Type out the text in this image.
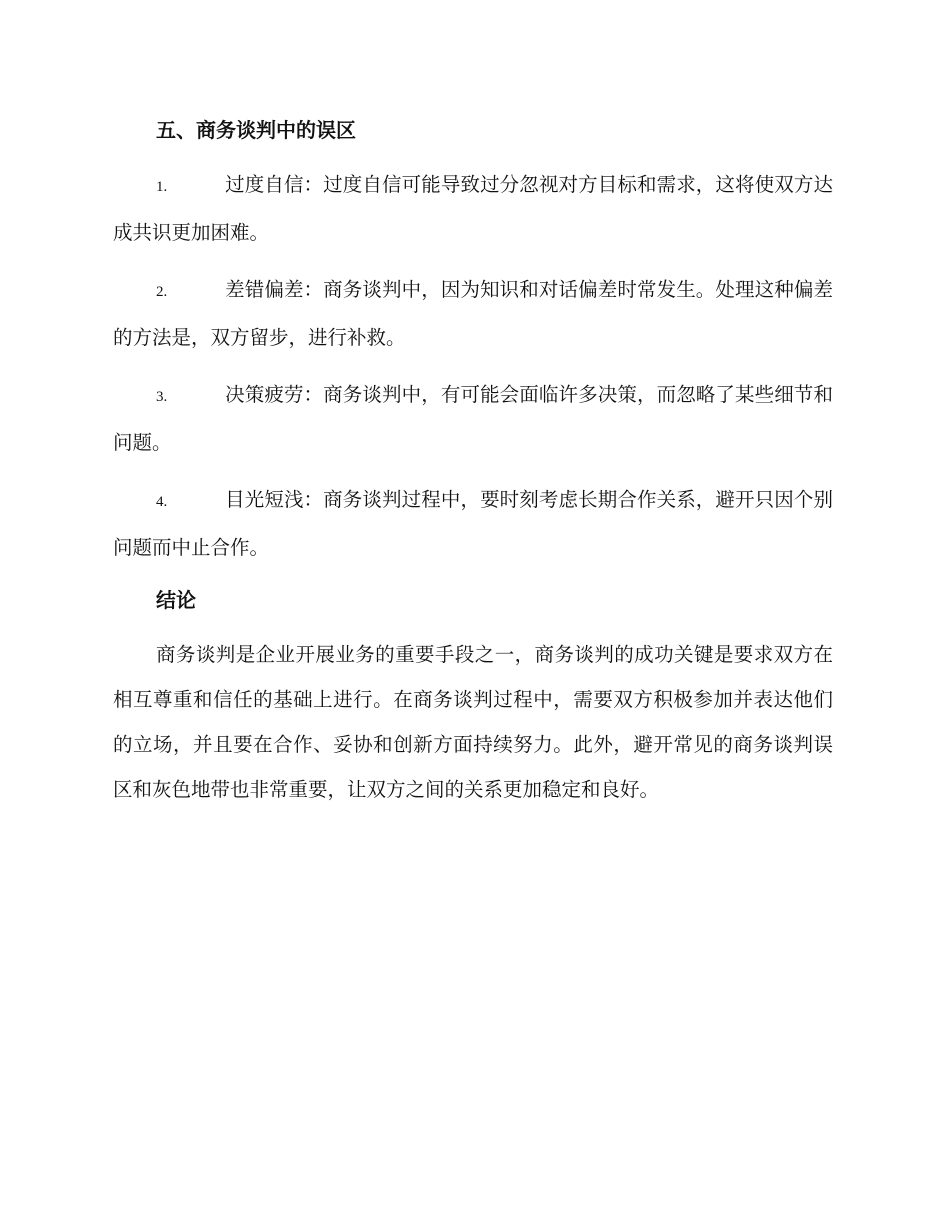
五、商务谈判中的误区
1.	过度自信：过度自信可能导致过分忽视对方目标和需求，这将使双方达成共识更加困难。
2.	差错偏差：商务谈判中，因为知识和对话偏差时常发生。处理这种偏差的方法是，双方留步，进行补救。
3.	决策疲劳：商务谈判中，有可能会面临许多决策，而忽略了某些细节和问题。
4.	目光短浅：商务谈判过程中，要时刻考虑长期合作关系，避开只因个别问题而中止合作。
结论

商务谈判是企业开展业务的重要手段之一，商务谈判的成功关键是要求双方在相互尊重和信任的基础上进行。在商务谈判过程中，需要双方积极参加并表达他们的立场，并且要在合作、妥协和创新方面持续努力。此外，避开常见的商务谈判误区和灰色地带也非常重要，让双方之间的关系更加稳定和良好。
